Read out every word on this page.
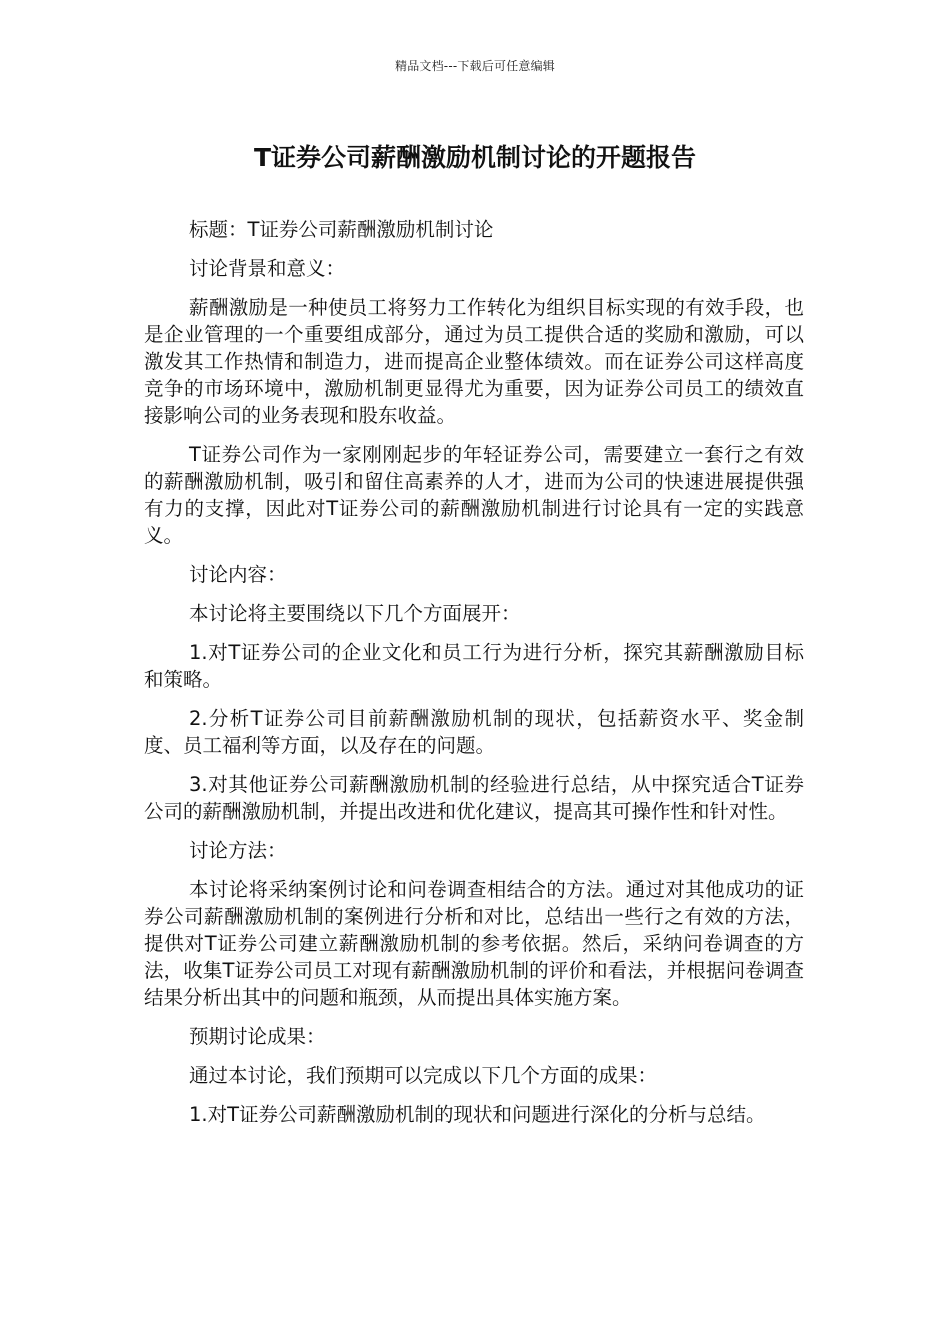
精品文档---下载后可任意编辑
T证券公司薪酬激励机制讨论的开题报告

标题：T证券公司薪酬激励机制讨论

讨论背景和意义：

薪酬激励是一种使员工将努力工作转化为组织目标实现的有效手段，也是企业管理的一个重要组成部分，通过为员工提供合适的奖励和激励，可以激发其工作热情和制造力，进而提高企业整体绩效。而在证券公司这样高度竞争的市场环境中，激励机制更显得尤为重要，因为证券公司员工的绩效直接影响公司的业务表现和股东收益。

T证券公司作为一家刚刚起步的年轻证券公司，需要建立一套行之有效的薪酬激励机制，吸引和留住高素养的人才，进而为公司的快速进展提供强有力的支撑，因此对T证券公司的薪酬激励机制进行讨论具有一定的实践意义。

讨论内容：

本讨论将主要围绕以下几个方面展开：

1.对T证券公司的企业文化和员工行为进行分析，探究其薪酬激励目标和策略。

2.分析T证券公司目前薪酬激励机制的现状，包括薪资水平、奖金制度、员工福利等方面，以及存在的问题。

3.对其他证券公司薪酬激励机制的经验进行总结，从中探究适合T证券公司的薪酬激励机制，并提出改进和优化建议，提高其可操作性和针对性。

讨论方法：

本讨论将采纳案例讨论和问卷调查相结合的方法。通过对其他成功的证券公司薪酬激励机制的案例进行分析和对比，总结出一些行之有效的方法，提供对T证券公司建立薪酬激励机制的参考依据。然后，采纳问卷调查的方法，收集T证券公司员工对现有薪酬激励机制的评价和看法，并根据问卷调查结果分析出其中的问题和瓶颈，从而提出具体实施方案。

预期讨论成果：

通过本讨论，我们预期可以完成以下几个方面的成果：

1.对T证券公司薪酬激励机制的现状和问题进行深化的分析与总结。
